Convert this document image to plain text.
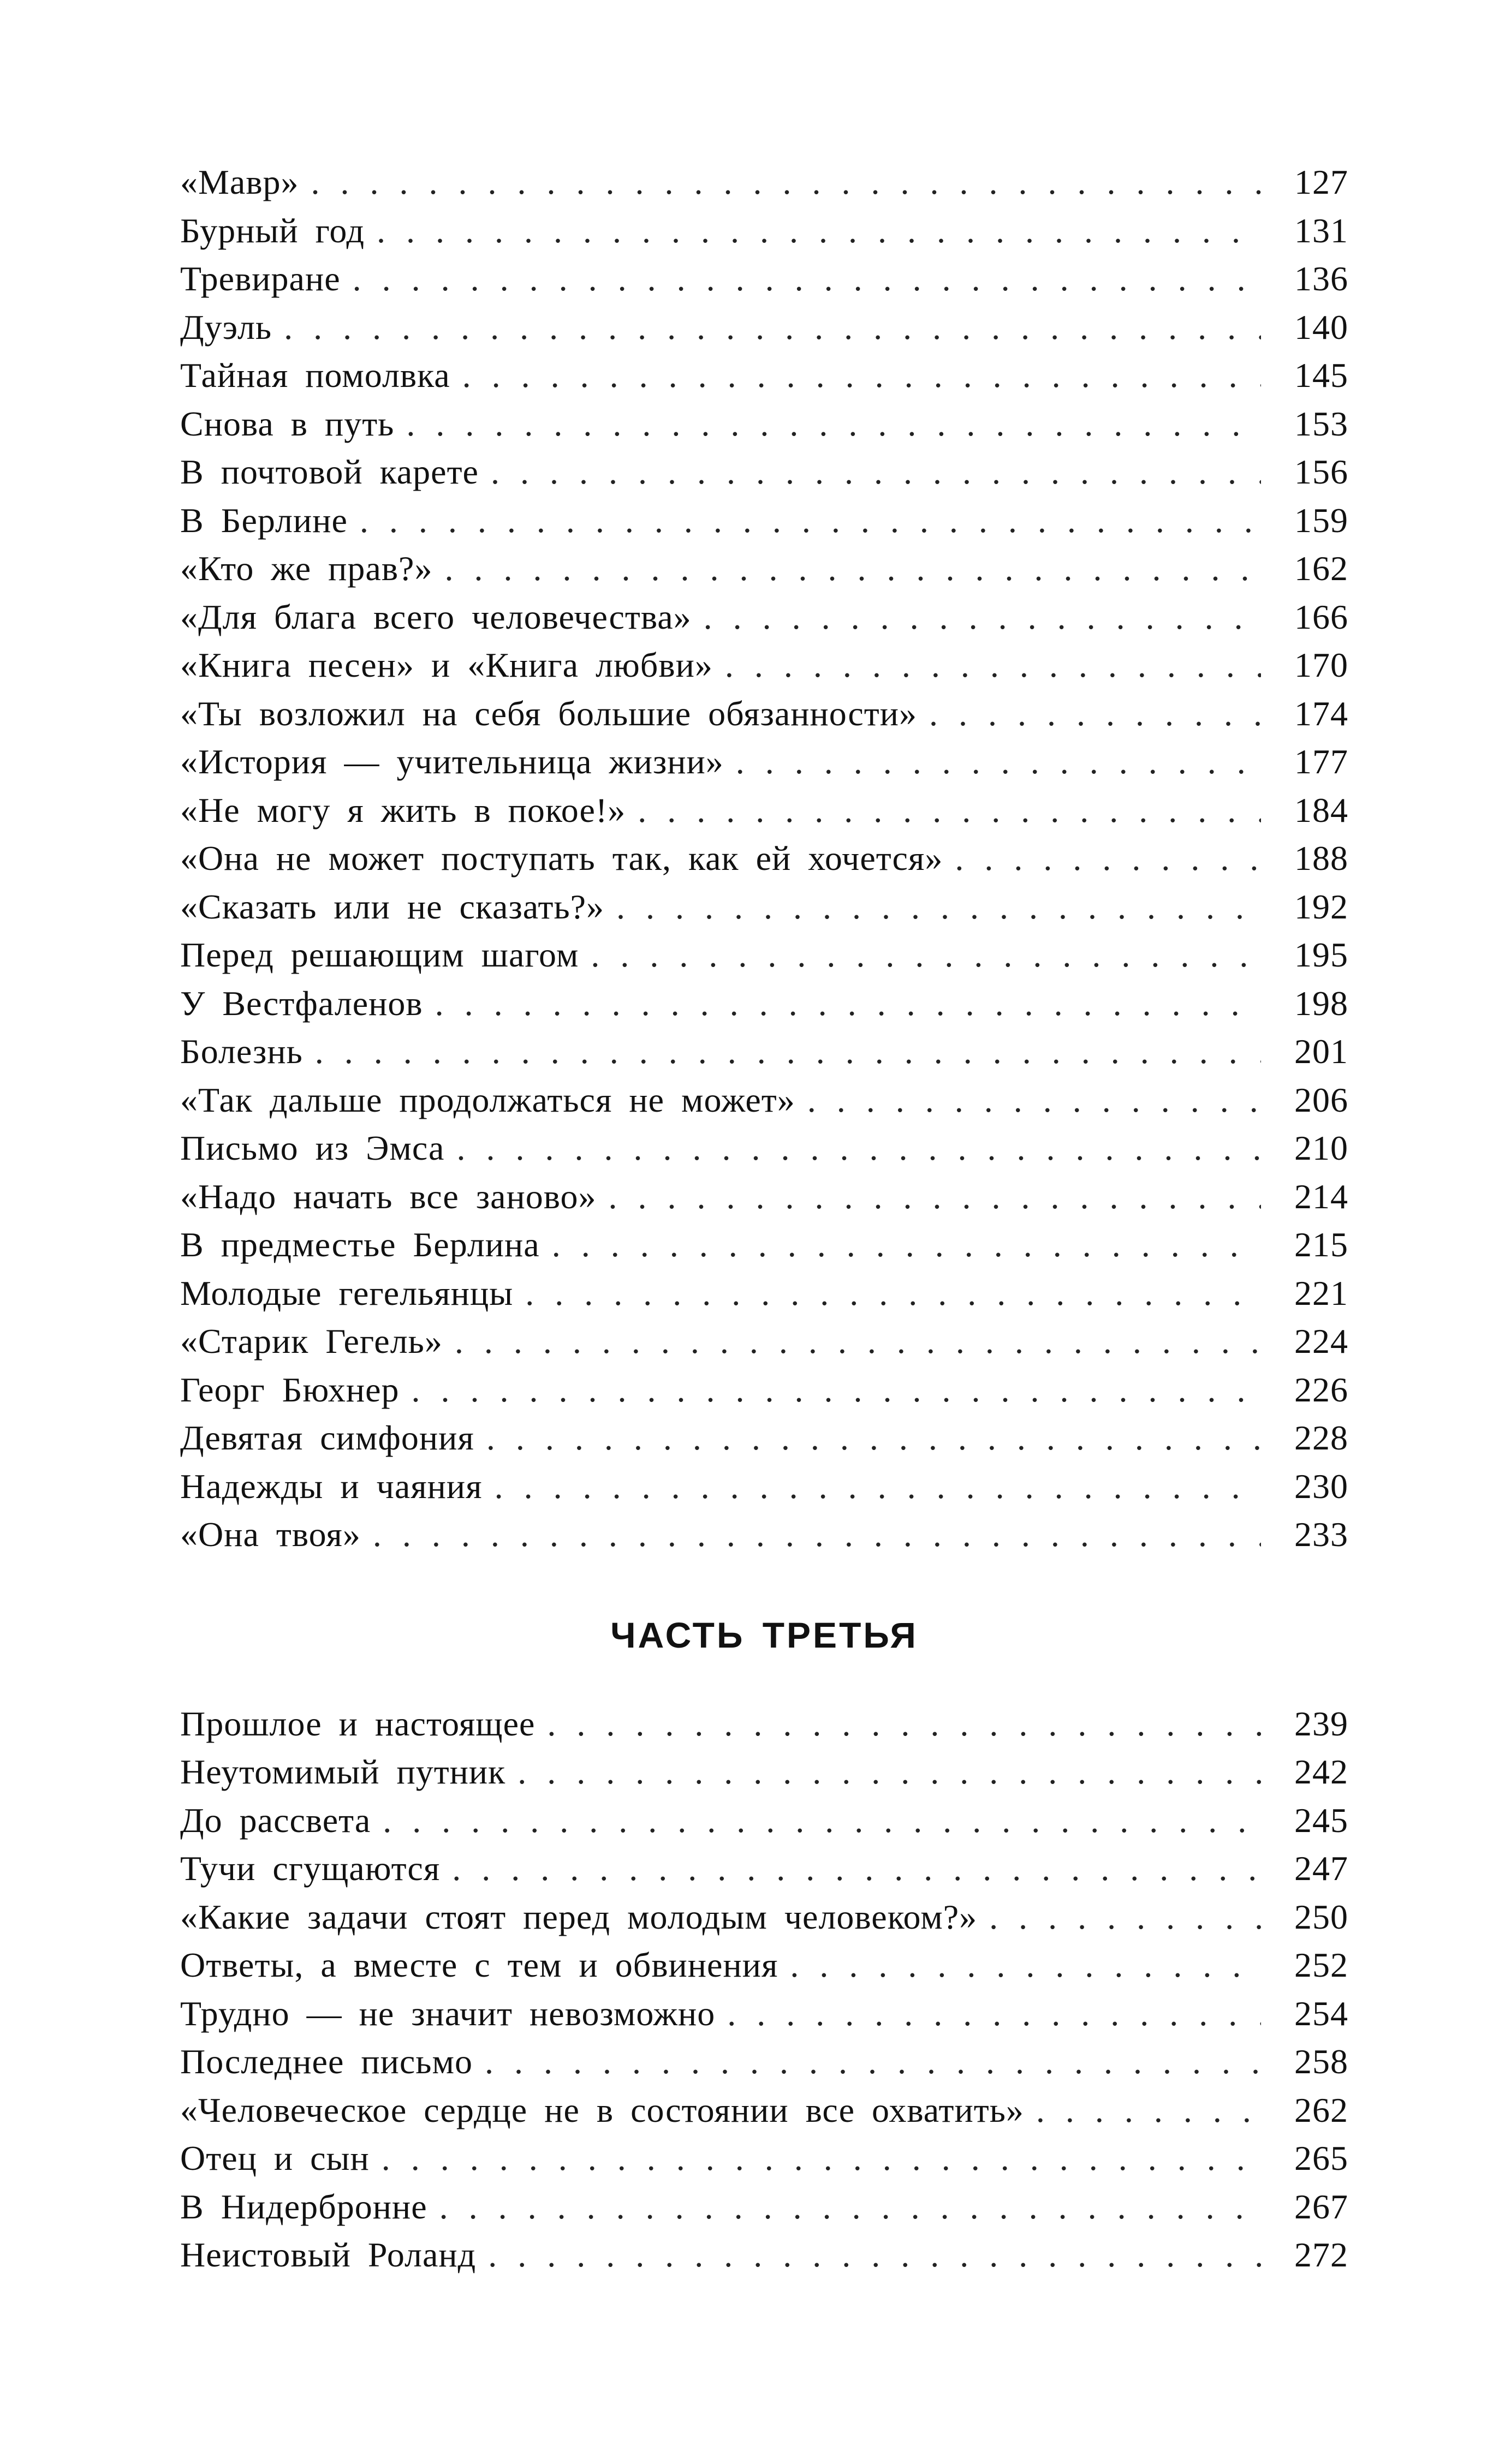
«Мавр» . . .	127
Бурный год . . .	131
Тревиране . . .	136
Дуэль . . .	140
Тайная помолвка . . .	145
Снова в путь . . .	153
В почтовой карете . . .	156
В Берлине . . .	159
«Кто же прав?» . . .	162
«Для блага всего человечества» . . .	166
«Книга песен» и «Книга любви» . . .	170
«Ты возложил на себя большие обязанности» . . .	174
«История — учительница жизни» . . .	177
«Не могу я жить в покое!» . . .	184
«Она не может поступать так, как ей хочется» . . .	188
«Сказать или не сказать?» . . .	192
Перед решающим шагом . . .	195
У Вестфаленов . . .	198
Болезнь . . .	201
«Так дальше продолжаться не может» . . .	206
Письмо из Эмса . . .	210
«Надо начать все заново» . . .	214
В предместье Берлина . . .	215
Молодые гегельянцы . . .	221
«Старик Гегель» . . .	224
Георг Бюхнер . . .	226
Девятая симфония . . .	228
Надежды и чаяния . . .	230
«Она твоя» . . .	233
ЧАСТЬ ТРЕТЬЯ
Прошлое и настоящее . . .	239
Неутомимый путник . . .	242
До рассвета . . .	245
Тучи сгущаются . . .	247
«Какие задачи стоят перед молодым человеком?» . . .	250
Ответы, а вместе с тем и обвинения . . .	252
Трудно — не значит невозможно . . .	254
Последнее письмо . . .	258
«Человеческое сердце не в состоянии все охватить» . . .	262
Отец и сын . . .	265
В Нидербронне . . .	267
Неистовый Роланд . . .	272
